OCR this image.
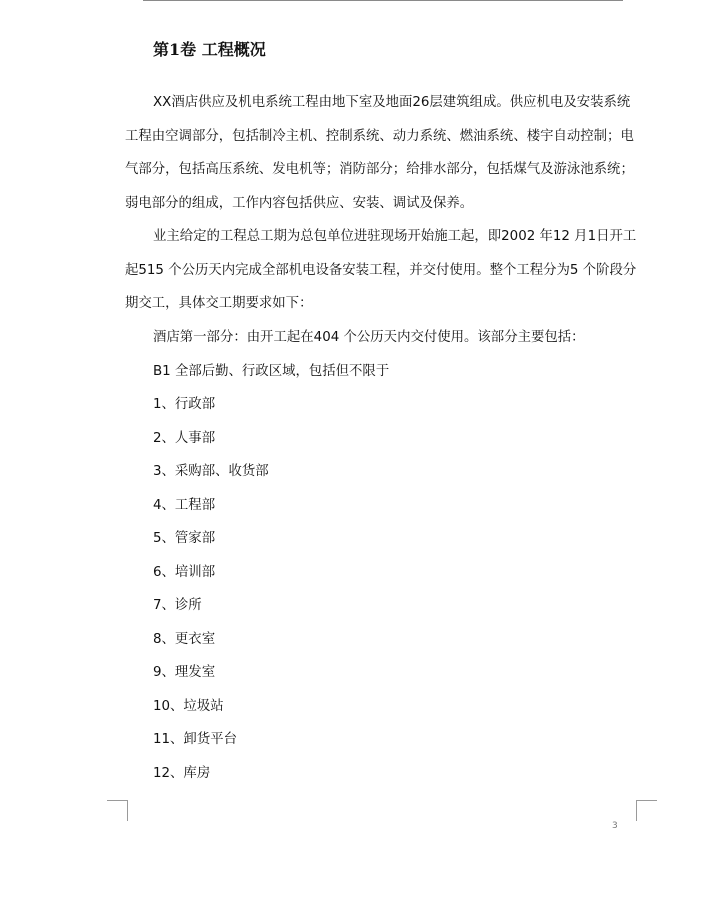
第1卷 工程概况

XX酒店供应及机电系统工程由地下室及地面26层建筑组成。供应机电及安装系统工程由空调部分，包括制冷主机、控制系统、动力系统、燃油系统、楼宇自动控制；电气部分，包括高压系统、发电机等；消防部分；给排水部分，包括煤气及游泳池系统；弱电部分的组成，工作内容包括供应、安装、调试及保养。

业主给定的工程总工期为总包单位进驻现场开始施工起，即2002 年12 月1日开工起515 个公历天内完成全部机电设备安装工程，并交付使用。整个工程分为5 个阶段分期交工，具体交工期要求如下：

酒店第一部分：由开工起在404 个公历天内交付使用。该部分主要包括：
B1 全部后勤、行政区域，包括但不限于
1、行政部
2、人事部
3、采购部、收货部
4、工程部
5、管家部
6、培训部
7、诊所
8、更衣室
9、理发室
10、垃圾站
11、卸货平台
12、库房
3
